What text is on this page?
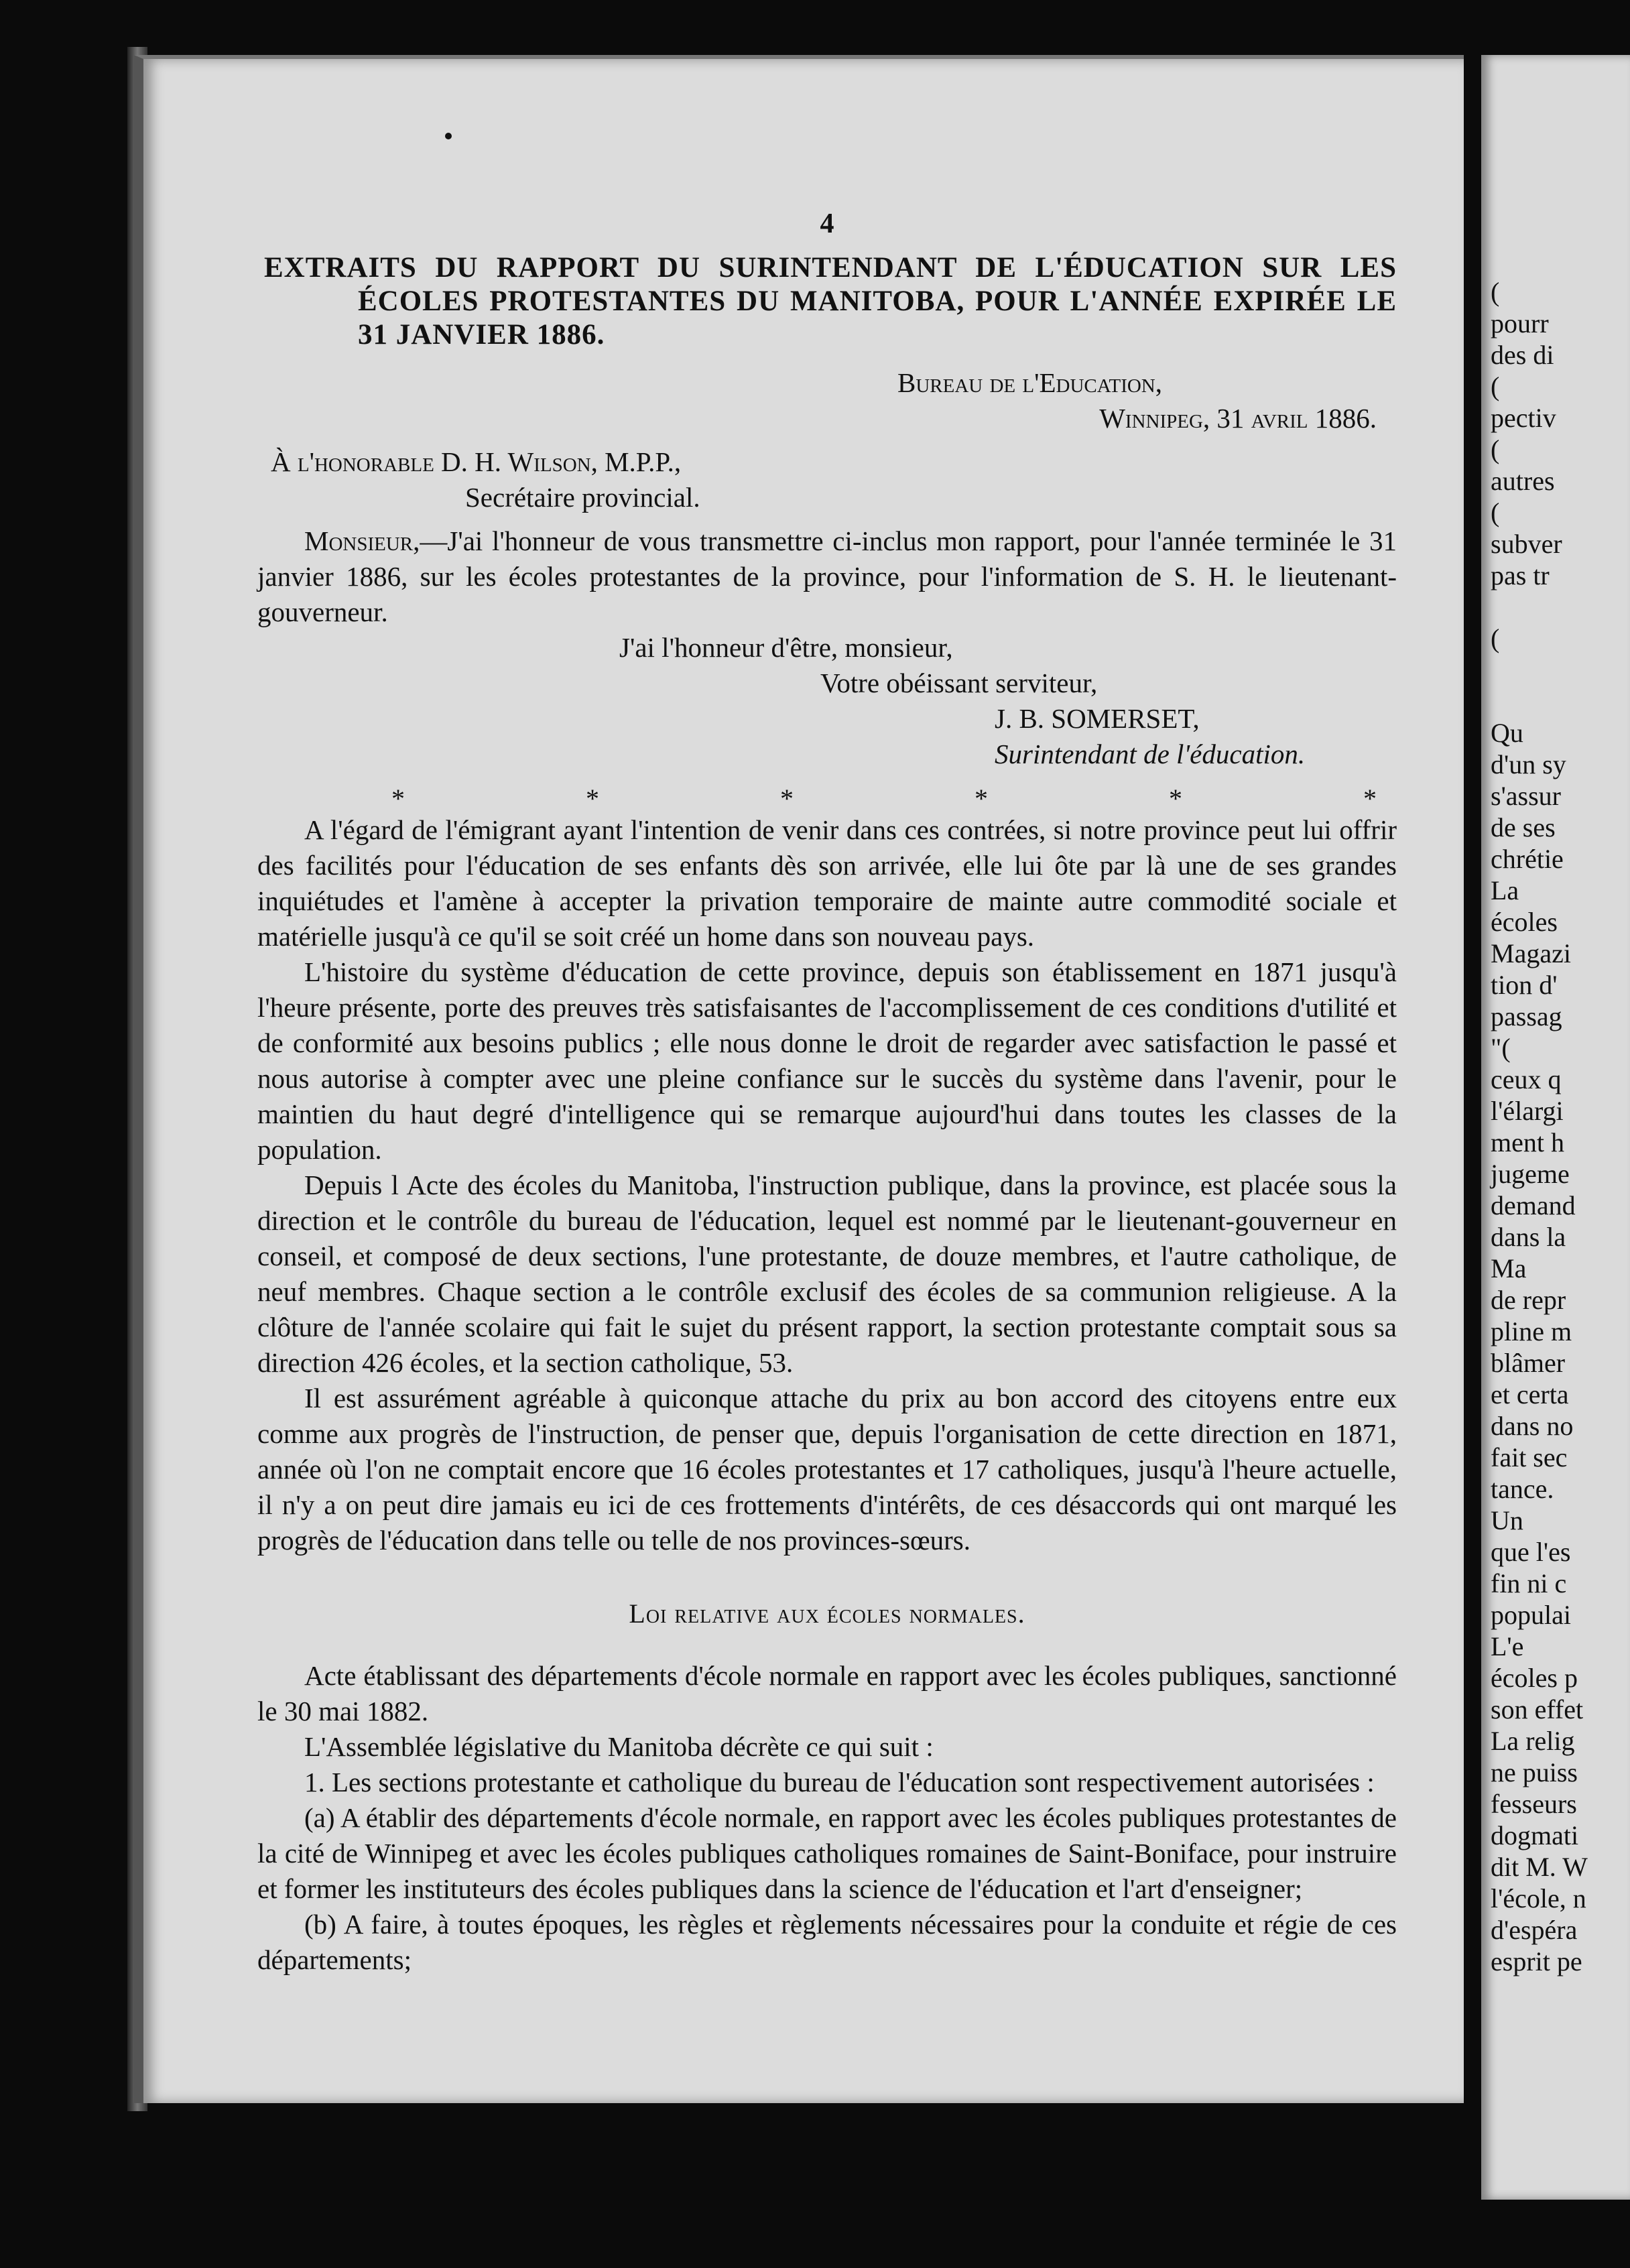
4
EXTRAITS DU RAPPORT DU SURINTENDANT DE L'ÉDUCATION SUR LES ÉCOLES PROTESTANTES DU MANITOBA, POUR L'ANNÉE EXPIRÉE LE 31 JANVIER 1886.

Bureau de l'Education,

Winnipeg, 31 avril 1886.

À l'honorable D. H. Wilson, M.P.P.,

Secrétaire provincial.

Monsieur,—J'ai l'honneur de vous transmettre ci-inclus mon rapport, pour l'année terminée le 31 janvier 1886, sur les écoles protestantes de la province, pour l'information de S. H. le lieutenant-gouverneur.

J'ai l'honneur d'être, monsieur,

Votre obéissant serviteur,

J. B. SOMERSET,

Surintendant de l'éducation.

*	*	*	*	*	*

A l'égard de l'émigrant ayant l'intention de venir dans ces contrées, si notre province peut lui offrir des facilités pour l'éducation de ses enfants dès son arrivée, elle lui ôte par là une de ses grandes inquiétudes et l'amène à accepter la privation temporaire de mainte autre commodité sociale et matérielle jusqu'à ce qu'il se soit créé un home dans son nouveau pays.

L'histoire du système d'éducation de cette province, depuis son établissement en 1871 jusqu'à l'heure présente, porte des preuves très satisfaisantes de l'accomplissement de ces conditions d'utilité et de conformité aux besoins publics ; elle nous donne le droit de regarder avec satisfaction le passé et nous autorise à compter avec une pleine confiance sur le succès du système dans l'avenir, pour le maintien du haut degré d'intelligence qui se remarque aujourd'hui dans toutes les classes de la population.

Depuis l Acte des écoles du Manitoba, l'instruction publique, dans la province, est placée sous la direction et le contrôle du bureau de l'éducation, lequel est nommé par le lieutenant-gouverneur en conseil, et composé de deux sections, l'une protestante, de douze membres, et l'autre catholique, de neuf membres. Chaque section a le contrôle exclusif des écoles de sa communion religieuse. A la clôture de l'année scolaire qui fait le sujet du présent rapport, la section protestante comptait sous sa direction 426 écoles, et la section catholique, 53.

Il est assurément agréable à quiconque attache du prix au bon accord des citoyens entre eux comme aux progrès de l'instruction, de penser que, depuis l'organisation de cette direction en 1871, année où l'on ne comptait encore que 16 écoles protestantes et 17 catholiques, jusqu'à l'heure actuelle, il n'y a on peut dire jamais eu ici de ces frottements d'intérêts, de ces désaccords qui ont marqué les progrès de l'éducation dans telle ou telle de nos provinces-sœurs.

Loi relative aux écoles normales.

Acte établissant des départements d'école normale en rapport avec les écoles publiques, sanctionné le 30 mai 1882.

L'Assemblée législative du Manitoba décrète ce qui suit :

1. Les sections protestante et catholique du bureau de l'éducation sont respectivement autorisées :

(a) A établir des départements d'école normale, en rapport avec les écoles publiques protestantes de la cité de Winnipeg et avec les écoles publiques catholiques romaines de Saint-Boniface, pour instruire et former les instituteurs des écoles publiques dans la science de l'éducation et l'art d'enseigner;

(b) A faire, à toutes époques, les règles et règlements nécessaires pour la conduite et régie de ces départements;

(
pourr
des di
(
pectiv
(
autres
(
subver
pas tr
(
Qu
d'un sy
s'assur
de ses
chrétie
La
écoles
Magazi
tion d'
passag
"(
ceux q
l'élargi
ment h
jugeme
demand
dans la
Ma
de repr
pline m
blâmer
et certa
dans no
fait sec
tance.
Un
que l'es
fin ni c
populai
L'e
écoles p
son effet
La relig
ne puiss
fesseurs
dogmati
dit M. W
l'école, n
d'espéra
esprit pe
